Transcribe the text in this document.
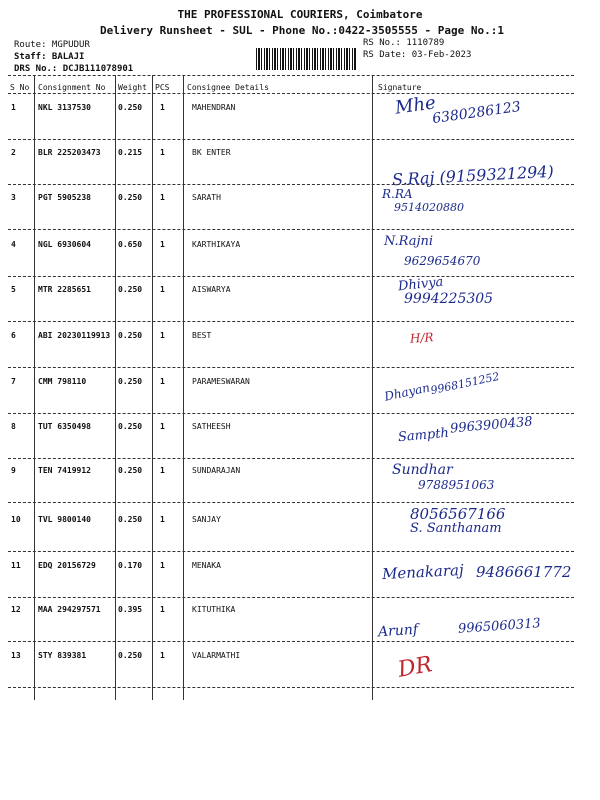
THE PROFESSIONAL COURIERS, Coimbatore
Delivery Runsheet - SUL - Phone No.:0422-3505555 - Page No.:1
Route: MGPUDUR
Staff: BALAJI
DRS No.: DCJB111078901
RS No.: 1110789
RS Date: 03-Feb-2023
S No Consignment No Weight PCS Consignee Details	Signature
1	NKL 3137530	0.250 1	MAHENDRAN	Mhe
6380286123
2	BLR 225203473 0.215 1	BK ENTER
S.Raj (9159321294)
3	PGT 5905238	0.250 1	SARATH	R.RA
9514020880
4	NGL 6930604	0.650 1	KARTHIKAYA	N.Rajni
9629654670
5	MTR 2285651	0.250 1	AISWARYA	Dhivya
9994225305
6	ABI 20230119913 0.250 1	BEST	H/R
7	CMM 798110	0.250 1	PARAMESWARAN	Dhayan
9968151252
8	TUT 6350498	0.250 1	SATHEESH	Sampth 9963900438
9	TEN 7419912	0.250 1	SUNDARAJAN	Sundhar
9788951063
10 TVL 9800140	0.250 1	SANJAY	8056567166
S. Santhanam
11 EDQ 20156729	0.170 1	MENAKA	Menakaraj 9486661772
12 MAA 294297571 0.395 1	KITUTHIKA
Arunf	9965060313
13 STY 839381	0.250 1	VALARMATHI	DR
